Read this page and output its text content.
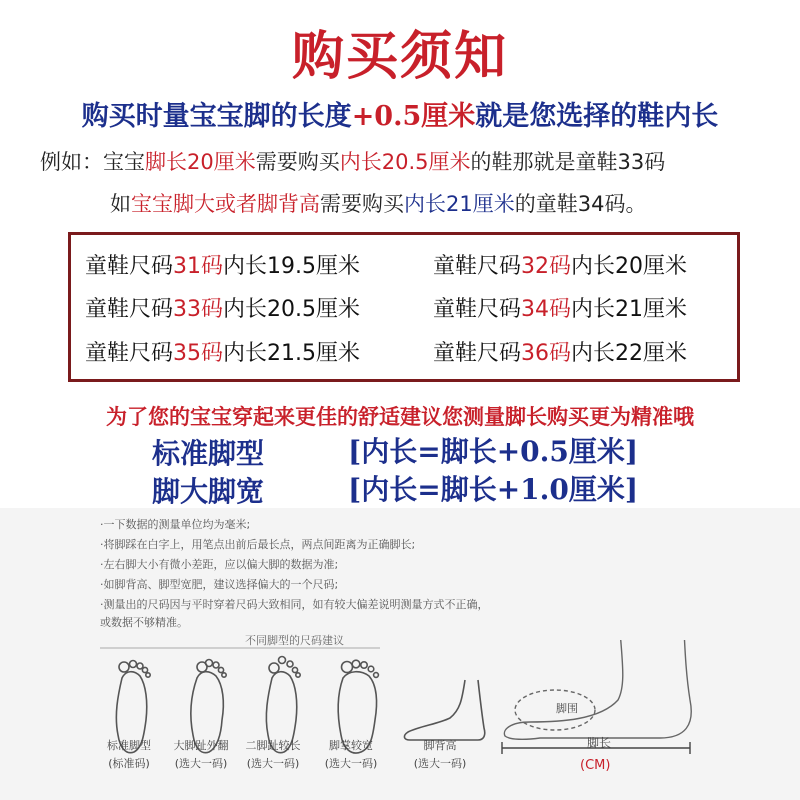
购买须知
购买时量宝宝脚的长度+0.5厘米就是您选择的鞋内长
例如：宝宝脚长20厘米需要购买内长20.5厘米的鞋那就是童鞋33码
如宝宝脚大或者脚背高需要购买内长21厘米的童鞋34码。
童鞋尺码31码内长19.5厘米	童鞋尺码32码内长20厘米
童鞋尺码33码内长20.5厘米	童鞋尺码34码内长21厘米
童鞋尺码35码内长21.5厘米	童鞋尺码36码内长22厘米
为了您的宝宝穿起来更佳的舒适建议您测量脚长购买更为精准哦
标准脚型	[内长=脚长+0.5厘米]
脚大脚宽	[内长=脚长+1.0厘米]
·一下数据的测量单位均为毫米;
·将脚踩在白字上，用笔点出前后最长点，两点间距离为正确脚长;
·左右脚大小有微小差距，应以偏大脚的数据为准;
·如脚背高、脚型宽肥，建议选择偏大的一个尺码;
·测量出的尺码因与平时穿着尺码大致相同，如有较大偏差说明测量方式不正确，
或数据不够精准。
不同脚型的尺码建议
标准脚型
(标准码)
大脚趾外翻
(选大一码)
二脚趾较长
(选大一码)
脚掌较宽
(选大一码)
脚背高
(选大一码)
脚围
脚长
(CM)
